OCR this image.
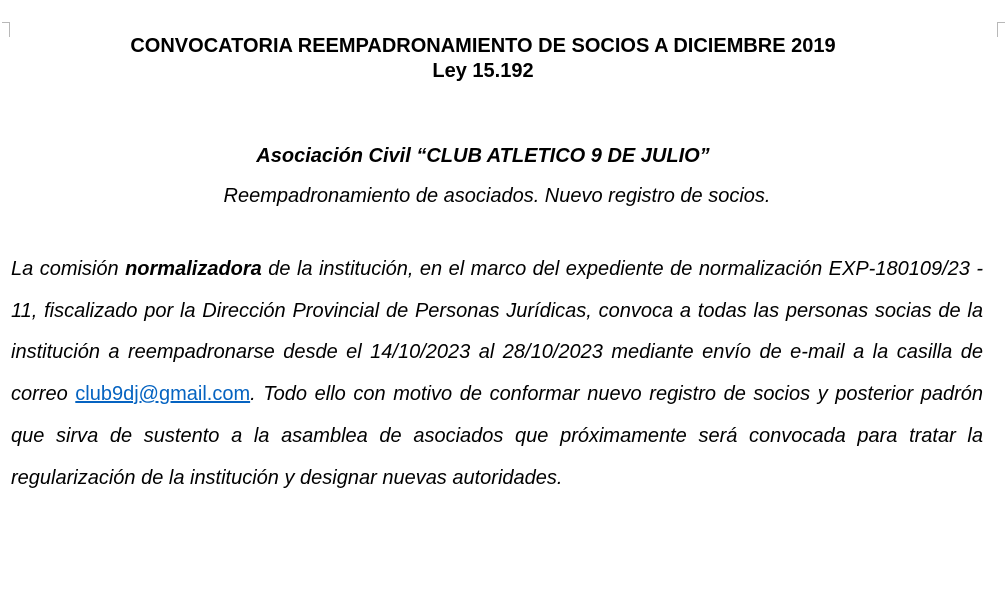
CONVOCATORIA REEMPADRONAMIENTO DE SOCIOS A DICIEMBRE 2019
Ley 15.192
Asociación Civil “CLUB ATLETICO 9 DE JULIO”
Reempadronamiento de asociados. Nuevo registro de socios.

La comisión normalizadora de la institución, en el marco del expediente de normalización EXP-180109/23 - 11, fiscalizado por la Dirección Provincial de Personas Jurídicas, convoca a todas las personas socias de la institución a reempadronarse desde el 14/10/2023 al 28/10/2023 mediante envío de e-mail a la casilla de correo club9dj@gmail.com. Todo ello con motivo de conformar nuevo registro de socios y posterior padrón que sirva de sustento a la asamblea de asociados que próximamente será convocada para tratar la regularización de la institución y designar nuevas autoridades.
